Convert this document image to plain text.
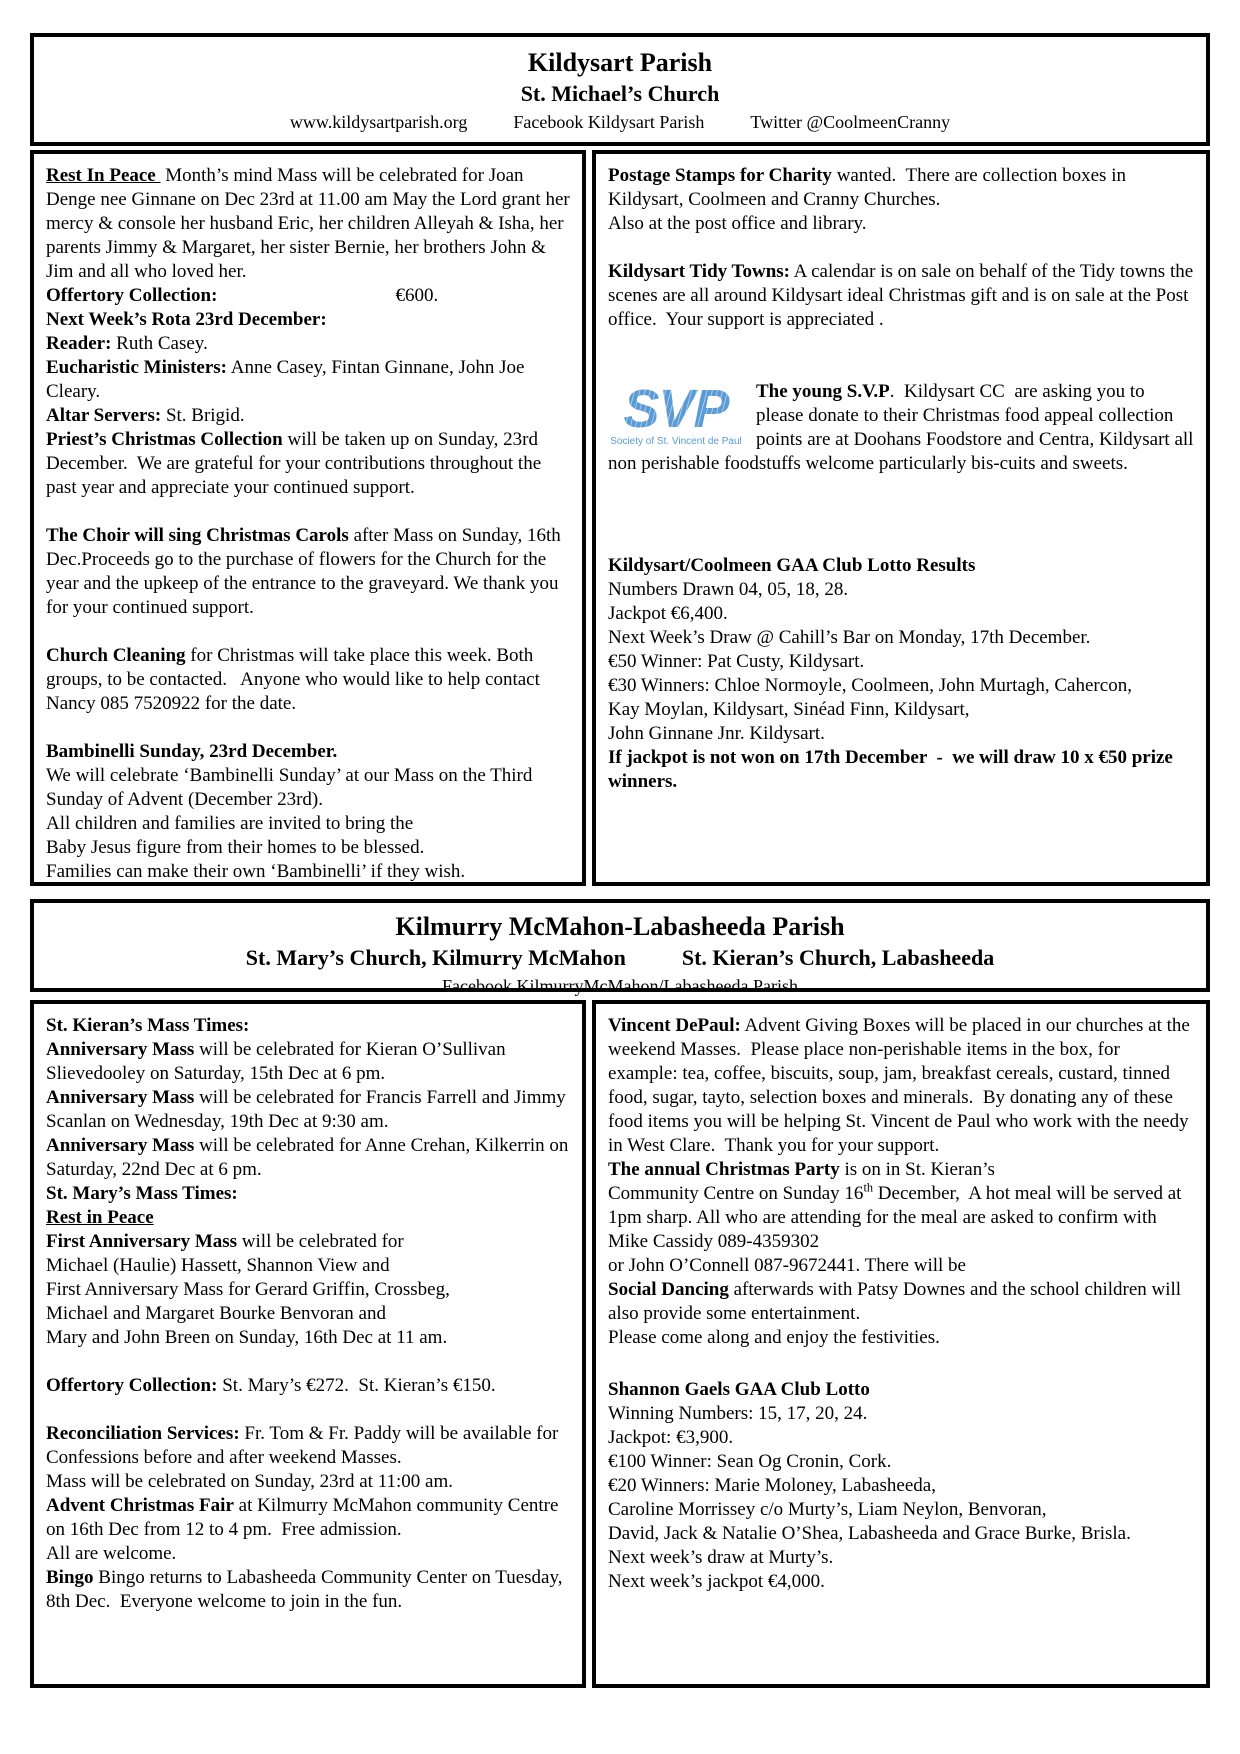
Kildysart Parish
St. Michael’s Church
www.kildysartparish.org	Facebook Kildysart Parish	Twitter @CoolmeenCranny
Rest In Peace  Month’s mind Mass will be celebrated for Joan Denge nee Ginnane on Dec 23rd at 11.00 am May the Lord grant her mercy & console her husband Eric, her children Alleyah & Isha, her parents Jimmy & Margaret, her sister Bernie, her brothers John & Jim and all who loved her.
Offertory Collection:	€600.
Next Week’s Rota 23rd December:
Reader: Ruth Casey.
Eucharistic Ministers: Anne Casey, Fintan Ginnane, John Joe Cleary.
Altar Servers: St. Brigid.
Priest’s Christmas Collection will be taken up on Sunday, 23rd December.  We are grateful for your contributions throughout the past year and appreciate your continued support.
The Choir will sing Christmas Carols after Mass on Sunday, 16th Dec.Proceeds go to the purchase of flowers for the Church for the year and the upkeep of the entrance to the graveyard. We thank you for your continued support.
Church Cleaning for Christmas will take place this week. Both groups, to be contacted.   Anyone who would like to help contact Nancy 085 7520922 for the date.
Bambinelli Sunday, 23rd December.
We will celebrate ‘Bambinelli Sunday’ at our Mass on the Third Sunday of Advent (December 23rd).
All children and families are invited to bring the
Baby Jesus figure from their homes to be blessed.
Families can make their own ‘Bambinelli’ if they wish.
Postage Stamps for Charity wanted.  There are collection boxes in Kildysart, Coolmeen and Cranny Churches.
Also at the post office and library.
Kildysart Tidy Towns: A calendar is on sale on behalf of the Tidy towns the scenes are all around Kildysart ideal Christmas gift and is on sale at the Post office.  Your support is appreciated .
SVP
Society of St. Vincent de Paul
The young S.V.P.  Kildysart CC  are asking you to please donate to their Christmas food appeal collection points are at Doohans Foodstore and Centra, Kildysart all non perishable foodstuffs welcome particularly bis-cuits and sweets.
Kildysart/Coolmeen GAA Club Lotto Results
Numbers Drawn 04, 05, 18, 28.
Jackpot €6,400.
Next Week’s Draw @ Cahill’s Bar on Monday, 17th December.
€50 Winner: Pat Custy, Kildysart.
€30 Winners: Chloe Normoyle, Coolmeen, John Murtagh, Cahercon,
Kay Moylan, Kildysart, Sinéad Finn, Kildysart,
John Ginnane Jnr. Kildysart.
If jackpot is not won on 17th December  -  we will draw 10 x €50 prize winners.
Kilmurry McMahon-Labasheeda Parish
St. Mary’s Church, Kilmurry McMahon	St. Kieran’s Church, Labasheeda
Facebook KilmurryMcMahon/Labasheeda Parish
St. Kieran’s Mass Times:
Anniversary Mass will be celebrated for Kieran O’Sullivan Slievedooley on Saturday, 15th Dec at 6 pm.
Anniversary Mass will be celebrated for Francis Farrell and Jimmy Scanlan on Wednesday, 19th Dec at 9:30 am.
Anniversary Mass will be celebrated for Anne Crehan, Kilkerrin on Saturday, 22nd Dec at 6 pm.
St. Mary’s Mass Times:
Rest in Peace
First Anniversary Mass will be celebrated for
Michael (Haulie) Hassett, Shannon View and
First Anniversary Mass for Gerard Griffin, Crossbeg,
Michael and Margaret Bourke Benvoran and
Mary and John Breen on Sunday, 16th Dec at 11 am.
Offertory Collection: St. Mary’s €272.  St. Kieran’s €150.
Reconciliation Services: Fr. Tom & Fr. Paddy will be available for Confessions before and after weekend Masses.
Mass will be celebrated on Sunday, 23rd at 11:00 am.
Advent Christmas Fair at Kilmurry McMahon community Centre on 16th Dec from 12 to 4 pm.  Free admission.
All are welcome.
Bingo Bingo returns to Labasheeda Community Center on Tuesday, 8th Dec.  Everyone welcome to join in the fun.
Vincent DePaul: Advent Giving Boxes will be placed in our churches at the weekend Masses.  Please place non-perishable items in the box, for example: tea, coffee, biscuits, soup, jam, breakfast cereals, custard, tinned food, sugar, tayto, selection boxes and minerals.  By donating any of these food items you will be helping St. Vincent de Paul who work with the needy in West Clare.  Thank you for your support.
The annual Christmas Party is on in St. Kieran’s
Community Centre on Sunday 16th December,  A hot meal will be served at 1pm sharp. All who are attending for the meal are asked to confirm with Mike Cassidy 089-4359302
or John O’Connell 087-9672441. There will be
Social Dancing afterwards with Patsy Downes and the school children will also provide some entertainment.
Please come along and enjoy the festivities.
Shannon Gaels GAA Club Lotto
Winning Numbers: 15, 17, 20, 24.
Jackpot: €3,900.
€100 Winner: Sean Og Cronin, Cork.
€20 Winners: Marie Moloney, Labasheeda,
Caroline Morrissey c/o Murty’s, Liam Neylon, Benvoran,
David, Jack & Natalie O’Shea, Labasheeda and Grace Burke, Brisla.
Next week’s draw at Murty’s.
Next week’s jackpot €4,000.
